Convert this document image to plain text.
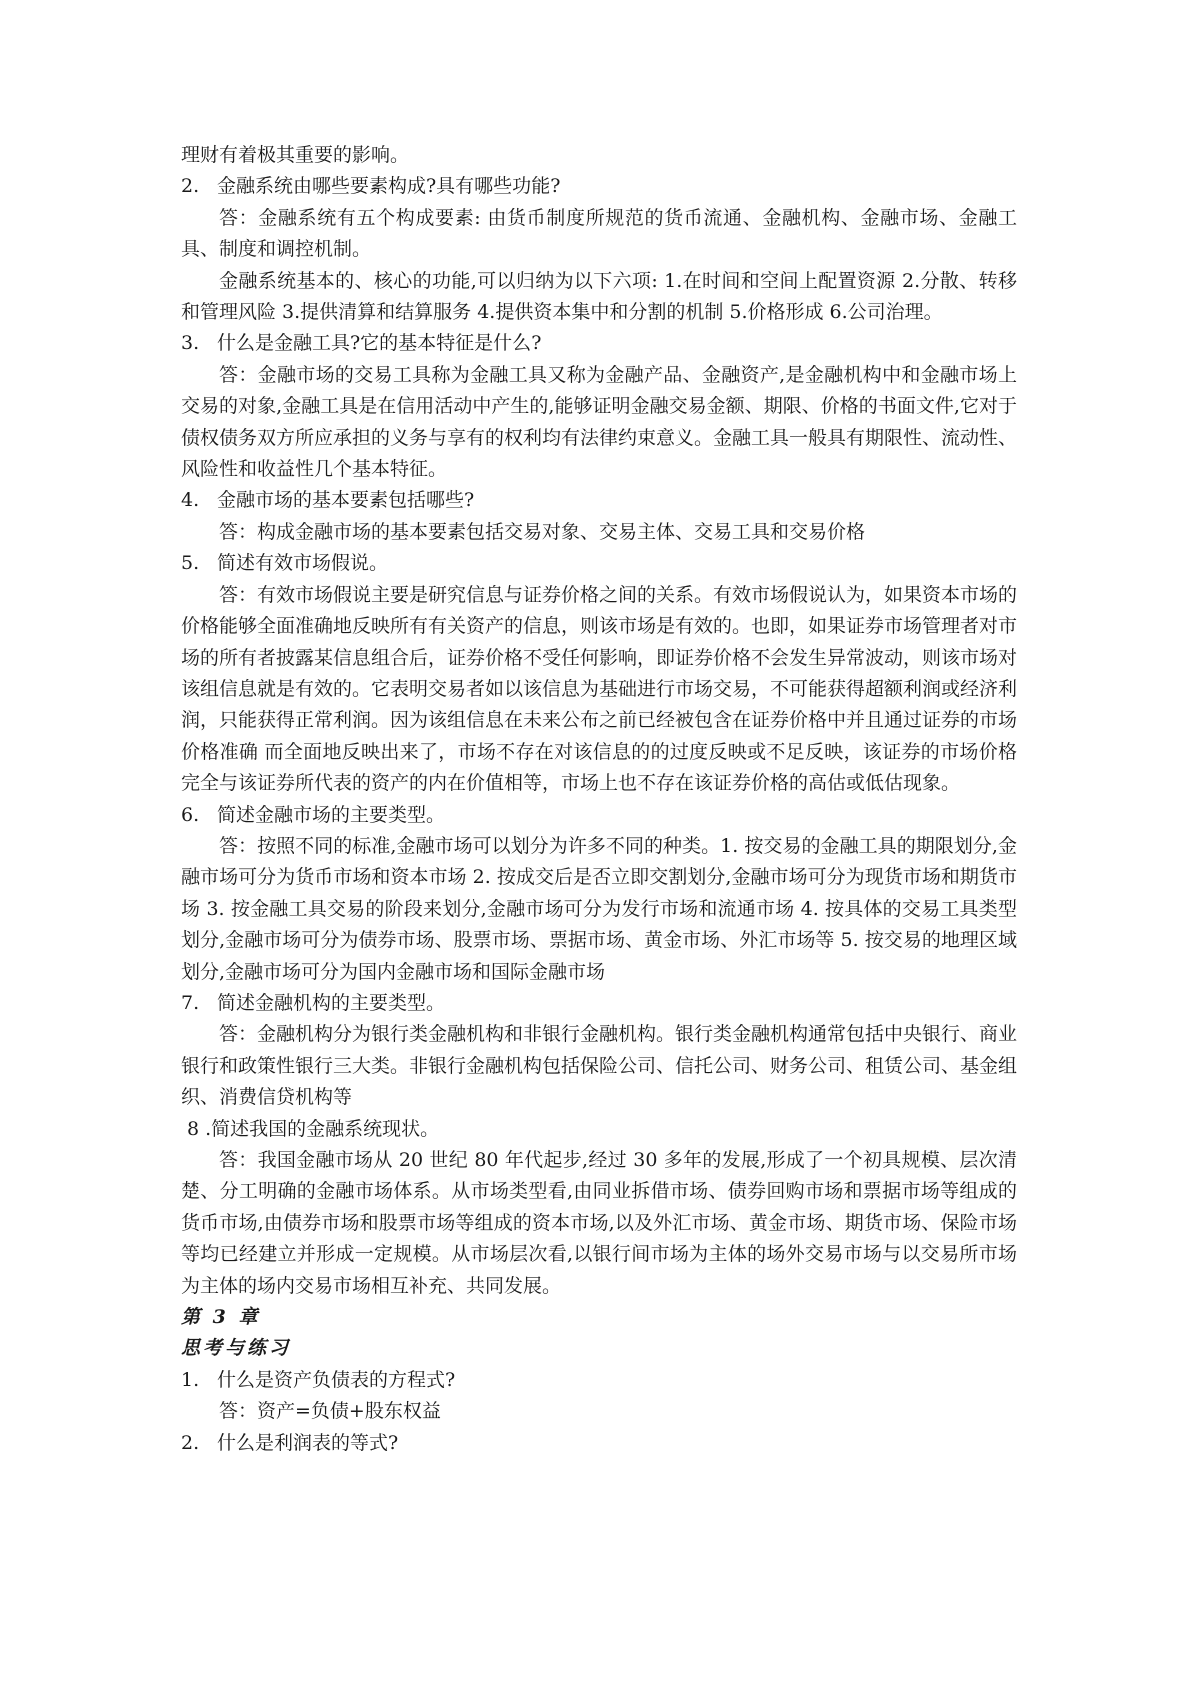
理财有着极其重要的影响。

2. 金融系统由哪些要素构成?具有哪些功能?

答：金融系统有五个构成要素: 由货币制度所规范的货币流通、金融机构、金融市场、金融工具、制度和调控机制。

金融系统基本的、核心的功能,可以归纳为以下六项: 1.在时间和空间上配置资源 2.分散、转移和管理风险 3.提供清算和结算服务 4.提供资本集中和分割的机制 5.价格形成 6.公司治理。

3. 什么是金融工具?它的基本特征是什么?

答：金融市场的交易工具称为金融工具又称为金融产品、金融资产,是金融机构中和金融市场上交易的对象,金融工具是在信用活动中产生的,能够证明金融交易金额、期限、价格的书面文件,它对于债权债务双方所应承担的义务与享有的权利均有法律约束意义。金融工具一般具有期限性、流动性、风险性和收益性几个基本特征。

4. 金融市场的基本要素包括哪些?

答：构成金融市场的基本要素包括交易对象、交易主体、交易工具和交易价格

5. 简述有效市场假说。

答：有效市场假说主要是研究信息与证券价格之间的关系。有效市场假说认为，如果资本市场的价格能够全面准确地反映所有有关资产的信息，则该市场是有效的。也即，如果证券市场管理者对市场的所有者披露某信息组合后，证券价格不受任何影响，即证券价格不会发生异常波动，则该市场对该组信息就是有效的。它表明交易者如以该信息为基础进行市场交易，不可能获得超额利润或经济利润，只能获得正常利润。因为该组信息在未来公布之前已经被包含在证券价格中并且通过证券的市场价格准确 而全面地反映出来了，市场不存在对该信息的的过度反映或不足反映，该证券的市场价格完全与该证券所代表的资产的内在价值相等，市场上也不存在该证券价格的高估或低估现象。

6. 简述金融市场的主要类型。

答：按照不同的标准,金融市场可以划分为许多不同的种类。1. 按交易的金融工具的期限划分,金融市场可分为货币市场和资本市场 2. 按成交后是否立即交割划分,金融市场可分为现货市场和期货市场 3. 按金融工具交易的阶段来划分,金融市场可分为发行市场和流通市场 4. 按具体的交易工具类型划分,金融市场可分为债券市场、股票市场、票据市场、黄金市场、外汇市场等 5. 按交易的地理区域划分,金融市场可分为国内金融市场和国际金融市场

7. 简述金融机构的主要类型。

答：金融机构分为银行类金融机构和非银行金融机构。银行类金融机构通常包括中央银行、商业银行和政策性银行三大类。非银行金融机构包括保险公司、信托公司、财务公司、租赁公司、基金组织、消费信贷机构等

8 .简述我国的金融系统现状。

答：我国金融市场从 20 世纪 80 年代起步,经过 30 多年的发展,形成了一个初具规模、层次清楚、分工明确的金融市场体系。从市场类型看,由同业拆借市场、债券回购市场和票据市场等组成的货币市场,由债券市场和股票市场等组成的资本市场,以及外汇市场、黄金市场、期货市场、保险市场等均已经建立并形成一定规模。从市场层次看,以银行间市场为主体的场外交易市场与以交易所市场为主体的场内交易市场相互补充、共同发展。

第 3 章

思考与练习

1. 什么是资产负债表的方程式?

答：资产=负债+股东权益

2. 什么是利润表的等式?
